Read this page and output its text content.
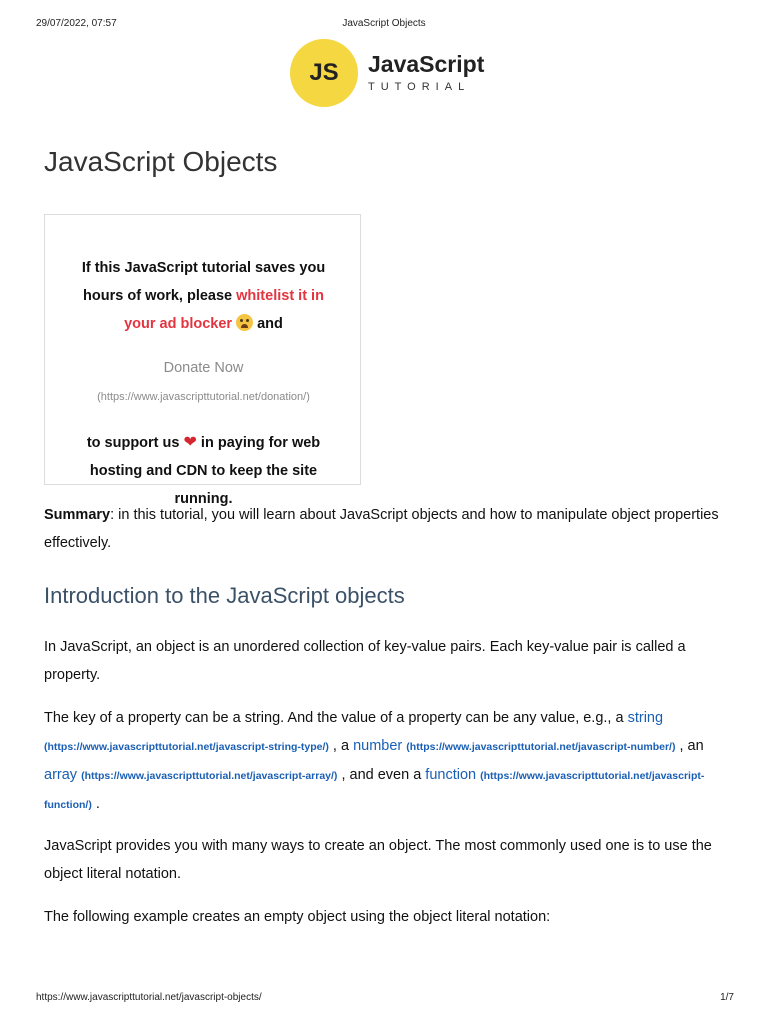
29/07/2022, 07:57	JavaScript Objects
JS	JavaScript
TUTORIAL
JavaScript Objects
If this JavaScript tutorial saves you
hours of work, please whitelist it in
your ad blocker  and
Donate Now
(https://www.javascripttutorial.net/donation/)
to support us ❤ in paying for web
hosting and CDN to keep the site
running.

Summary: in this tutorial, you will learn about JavaScript objects and how to manipulate object properties effectively.

Introduction to the JavaScript objects

In JavaScript, an object is an unordered collection of key-value pairs. Each key-value pair is called a property.

The key of a property can be a string. And the value of a property can be any value, e.g., a string (https://www.javascripttutorial.net/javascript-string-type/) , a number (https://www.javascripttutorial.net/javascript-number/) , an array (https://www.javascripttutorial.net/javascript-array/) , and even a function (https://www.javascripttutorial.net/javascript-function/) .

JavaScript provides you with many ways to create an object. The most commonly used one is to use the object literal notation.

The following example creates an empty object using the object literal notation:

https://www.javascripttutorial.net/javascript-objects/	1/7
